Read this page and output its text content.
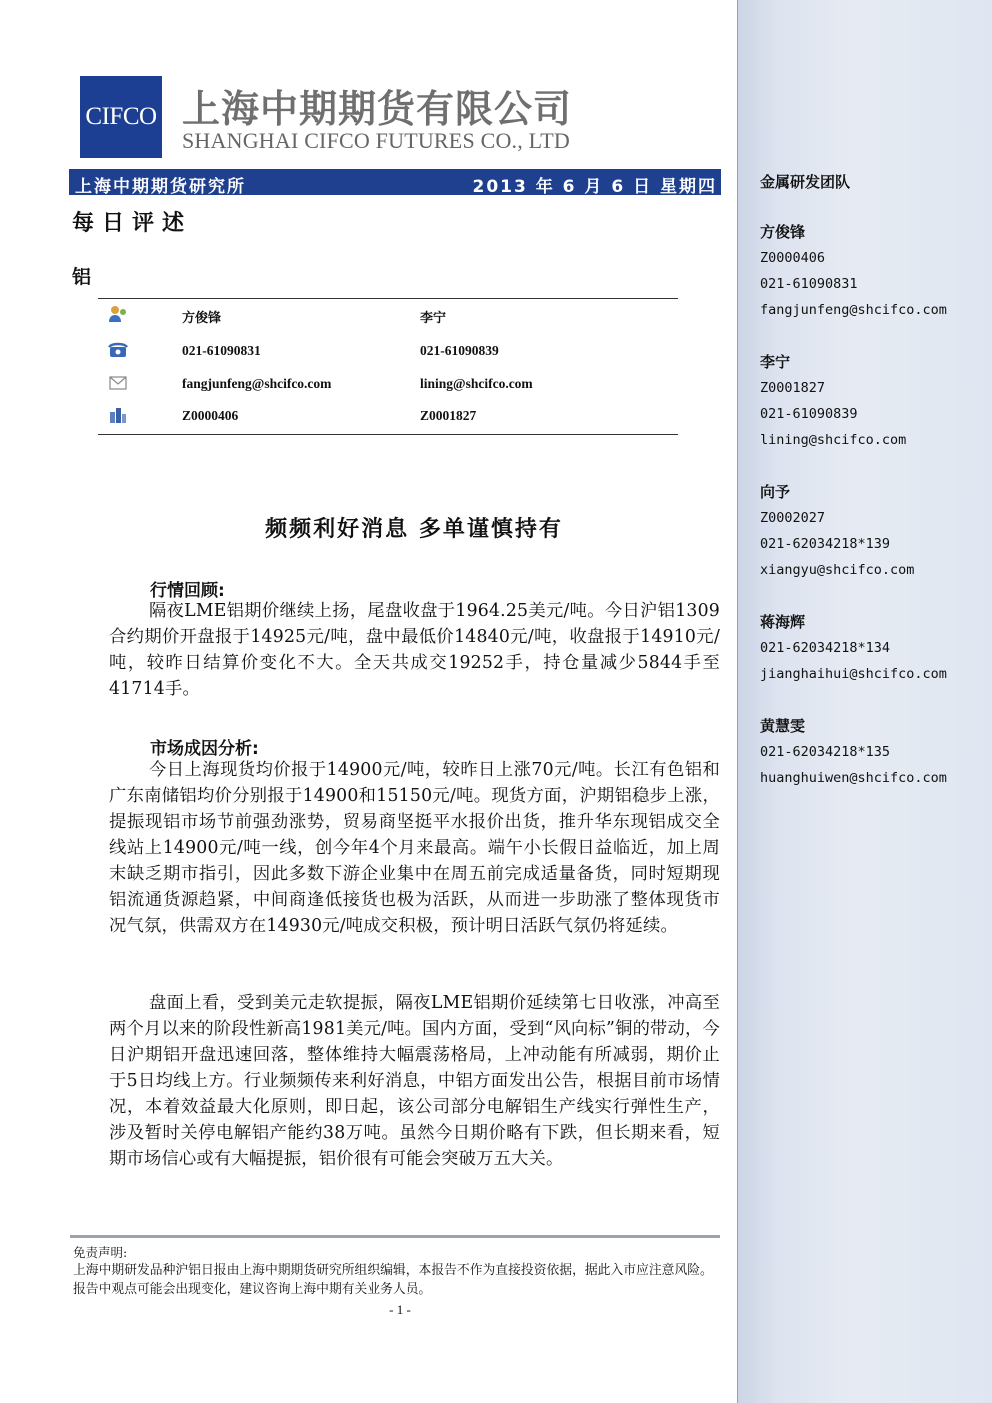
金属研发团队
方俊锋
Z0000406
021-61090831
fangjunfeng@shcifco.com
李宁
Z0001827
021-61090839
lining@shcifco.com
向予
Z0002027
021-62034218*139
xiangyu@shcifco.com
蒋海辉
021-62034218*134
jianghaihui@shcifco.com
黄慧雯
021-62034218*135
huanghuiwen@shcifco.com
CIFCO 上海中期期货有限公司
SHANGHAI CIFCO FUTURES CO., LTD
上海中期期货研究所	2013 年 6 月 6 日 星期四
每日评述
铝
方俊锋	李宁
021-61090831	021-61090839
fangjunfeng@shcifco.com	lining@shcifco.com
Z0000406	Z0001827
频频利好消息 多单谨慎持有
行情回顾:
隔夜LME铝期价继续上扬，尾盘收盘于1964.25美元/吨。今日沪铝1309合约期价开盘报于14925元/吨，盘中最低价14840元/吨，收盘报于14910元/吨，较昨日结算价变化不大。全天共成交19252手，持仓量减少5844手至41714手。
市场成因分析:
今日上海现货均价报于14900元/吨，较昨日上涨70元/吨。长江有色铝和广东南储铝均价分别报于14900和15150元/吨。现货方面，沪期铝稳步上涨，提振现铝市场节前强劲涨势，贸易商坚挺平水报价出货，推升华东现铝成交全线站上14900元/吨一线，创今年4个月来最高。端午小长假日益临近，加上周末缺乏期市指引，因此多数下游企业集中在周五前完成适量备货，同时短期现铝流通货源趋紧，中间商逢低接货也极为活跃，从而进一步助涨了整体现货市况气氛，供需双方在14930元/吨成交积极，预计明日活跃气氛仍将延续。
盘面上看，受到美元走软提振，隔夜LME铝期价延续第七日收涨，冲高至两个月以来的阶段性新高1981美元/吨。国内方面，受到“风向标”铜的带动，今日沪期铝开盘迅速回落，整体维持大幅震荡格局，上冲动能有所减弱，期价止于5日均线上方。行业频频传来利好消息，中铝方面发出公告，根据目前市场情况，本着效益最大化原则，即日起，该公司部分电解铝生产线实行弹性生产，涉及暂时关停电解铝产能约38万吨。虽然今日期价略有下跌，但长期来看，短期市场信心或有大幅提振，铝价很有可能会突破万五大关。
免责声明:
上海中期研发品种沪铝日报由上海中期期货研究所组织编辑，本报告不作为直接投资依据，据此入市应注意风险。报告中观点可能会出现变化，建议咨询上海中期有关业务人员。
- 1 -
